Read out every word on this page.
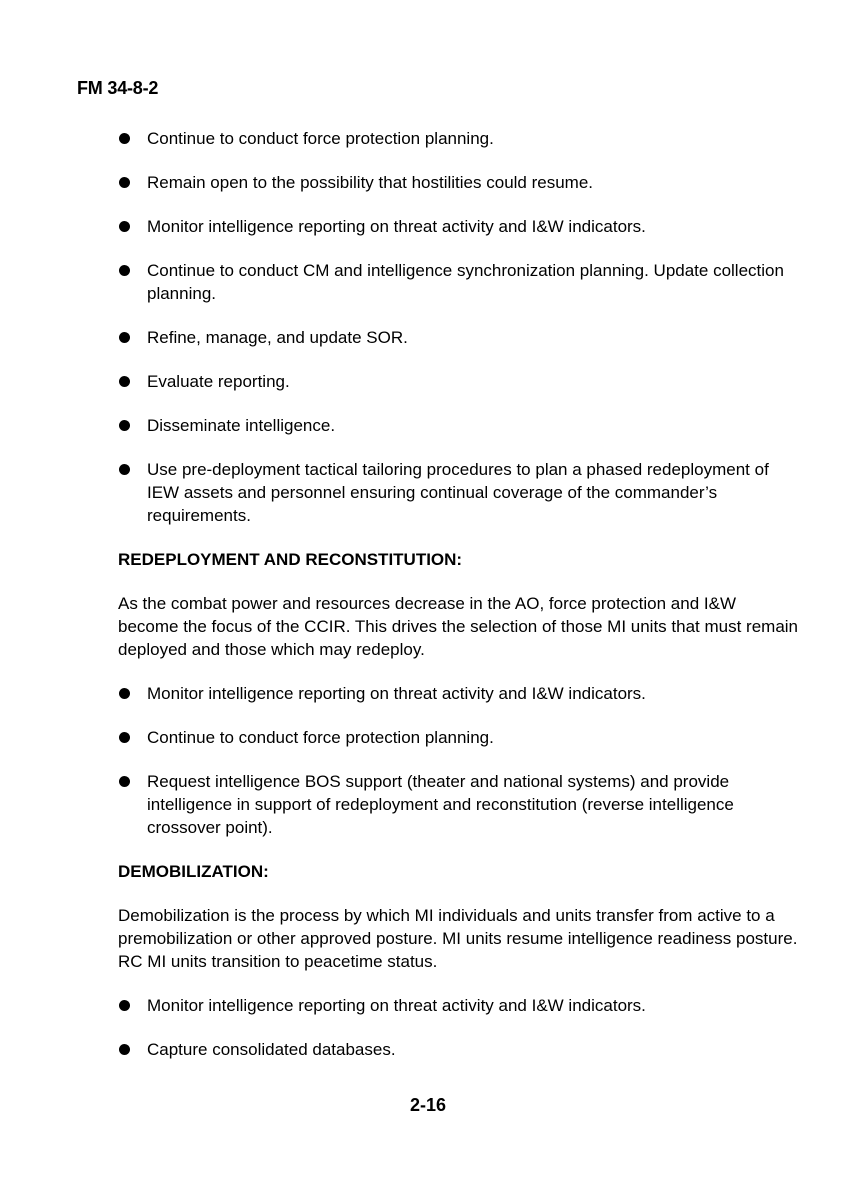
FM 34-8-2
Continue to conduct force protection planning.
Remain open to the possibility that hostilities could resume.
Monitor intelligence reporting on threat activity and I&W indicators.
Continue to conduct CM and intelligence synchronization planning. Update collection planning.
Refine, manage, and update SOR.
Evaluate reporting.
Disseminate intelligence.
Use pre-deployment tactical tailoring procedures to plan a phased redeployment of IEW assets and personnel ensuring continual coverage of the commander’s requirements.
REDEPLOYMENT AND RECONSTITUTION:

As the combat power and resources decrease in the AO, force protection and I&W become the focus of the CCIR. This drives the selection of those MI units that must remain deployed and those which may redeploy.

Monitor intelligence reporting on threat activity and I&W indicators.
Continue to conduct force protection planning.
Request intelligence BOS support (theater and national systems) and provide intelligence in support of redeployment and reconstitution (reverse intelligence crossover point).
DEMOBILIZATION:

Demobilization is the process by which MI individuals and units transfer from active to a premobilization or other approved posture. MI units resume intelligence readiness posture. RC MI units transition to peacetime status.

Monitor intelligence reporting on threat activity and I&W indicators.
Capture consolidated databases.
2-16
